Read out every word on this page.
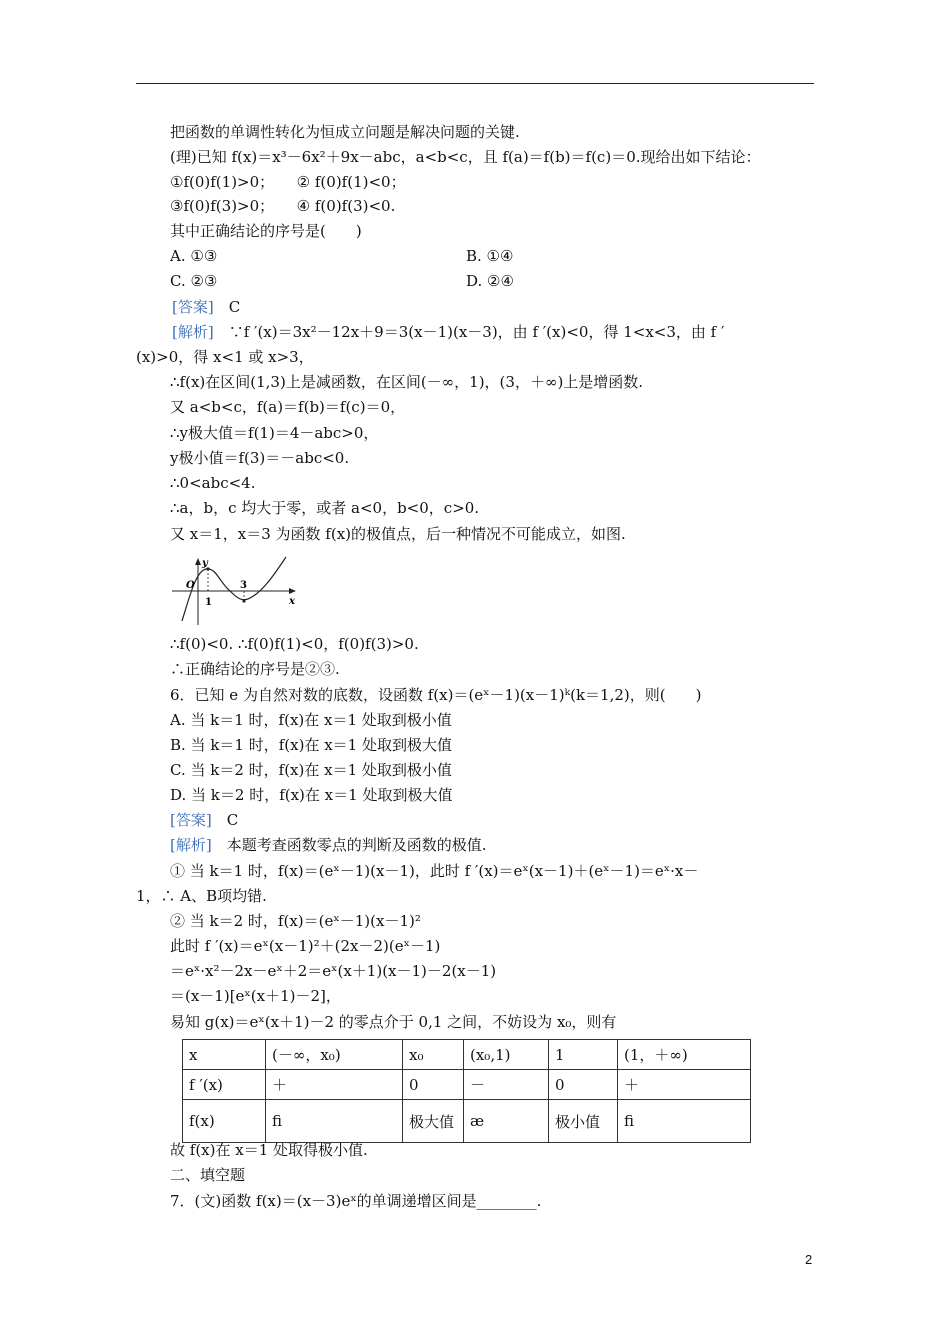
把函数的单调性转化为恒成立问题是解决问题的关键.
(理)已知 f(x)＝x³－6x²＋9x－abc，a<b<c，且 f(a)＝f(b)＝f(c)＝0.现给出如下结论：
①f(0)f(1)>0；　　② f(0)f(1)<0；
③f(0)f(3)>0；　　④ f(0)f(3)<0.
其中正确结论的序号是(　　)
A. ①③	B. ①④
C. ②③	D. ②④
[答案]　C
[解析]　∵f ′(x)＝3x²－12x＋9＝3(x－1)(x－3)，由 f ′(x)<0，得 1<x<3，由 f ′
(x)>0，得 x<1 或 x>3，
∴f(x)在区间(1,3)上是减函数，在区间(－∞，1)，(3，＋∞)上是增函数.
又 a<b<c，f(a)＝f(b)＝f(c)＝0，
∴y极大值＝f(1)＝4－abc>0，
y极小值＝f(3)＝－abc<0.
∴0<abc<4.
∴a，b，c 均大于零，或者 a<0，b<0，c>0.
又 x＝1，x＝3 为函数 f(x)的极值点，后一种情况不可能成立，如图.
∴f(0)<0. ∴f(0)f(1)<0，f(0)f(3)>0.
∴正确结论的序号是②③.
6．已知 e 为自然对数的底数，设函数 f(x)＝(eˣ－1)(x－1)ᵏ(k＝1,2)，则(　　)
A. 当 k＝1 时，f(x)在 x＝1 处取到极小值
B. 当 k＝1 时，f(x)在 x＝1 处取到极大值
C. 当 k＝2 时，f(x)在 x＝1 处取到极小值
D. 当 k＝2 时，f(x)在 x＝1 处取到极大值
[答案]　C
[解析]　本题考查函数零点的判断及函数的极值.
① 当 k＝1 时，f(x)＝(eˣ－1)(x－1)，此时 f ′(x)＝eˣ(x－1)＋(eˣ－1)＝eˣ·x－
1，∴ A、B项均错.
② 当 k＝2 时，f(x)＝(eˣ－1)(x－1)²
此时 f ′(x)＝eˣ(x－1)²＋(2x－2)(eˣ－1)
＝eˣ·x²－2x－eˣ＋2＝eˣ(x＋1)(x－1)－2(x－1)
＝(x－1)[eˣ(x＋1)－2]，
易知 g(x)＝eˣ(x＋1)－2 的零点介于 0,1 之间，不妨设为 x₀，则有
故 f(x)在 x＝1 处取得极小值.
二、填空题
7．(文)函数 f(x)＝(x－3)eˣ的单调递增区间是________.
O
y
x
1
3
x	(－∞，x₀)	x₀	(x₀,1)	1	(1，＋∞)
f ′(x)	＋	0	－	0	＋
f(x)	ﬁ	极大值	æ	极小值	ﬁ
2
